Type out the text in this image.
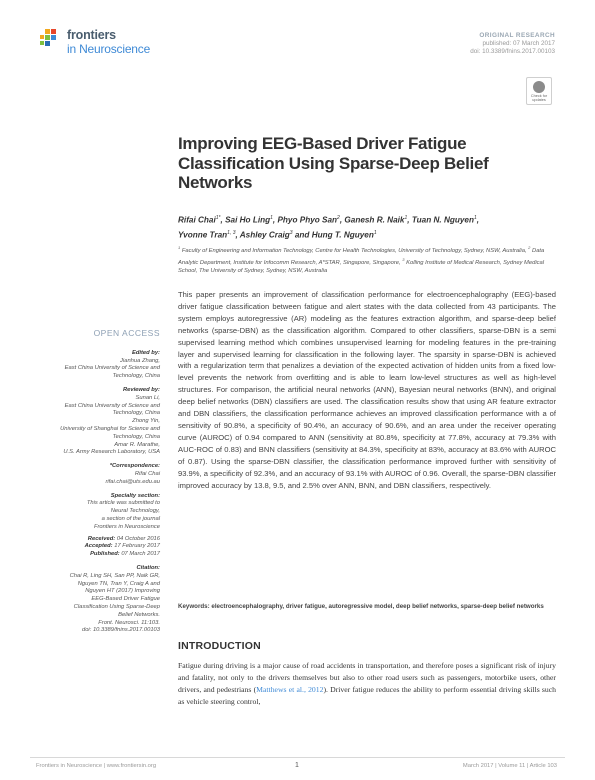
frontiers
in Neuroscience
ORIGINAL RESEARCH
published: 07 March 2017
doi: 10.3389/fnins.2017.00103
Check for
updates
Improving EEG-Based Driver Fatigue Classification Using Sparse-Deep Belief Networks
Rifai Chai$^{1*}$, Sai Ho Ling$^1$, Phyo Phyo San$^2$, Ganesh R. Naik$^1$, Tuan N. Nguyen$^1$,
Yvonne Tran$^{1, 3}$, Ashley Craig$^3$ and Hung T. Nguyen$^1$
$^1$ Faculty of Engineering and Information Technology, Centre for Health Technologies, University of Technology, Sydney, NSW, Australia, $^2$ Data Analytic Department, Institute for Infocomm Research, A*STAR, Singapore, Singapore, $^3$ Kolling Institute of Medical Research, Sydney Medical School, The University of Sydney, Sydney, NSW, Australia

This paper presents an improvement of classification performance for electroencephalography (EEG)-based driver fatigue classification between fatigue and alert states with the data collected from 43 participants. The system employs autoregressive (AR) modeling as the features extraction algorithm, and sparse-deep belief networks (sparse-DBN) as the classification algorithm. Compared to other classifiers, sparse-DBN is a semi supervised learning method which combines unsupervised learning for modeling features in the pre-training layer and supervised learning for classification in the following layer. The sparsity in sparse-DBN is achieved with a regularization term that penalizes a deviation of the expected activation of hidden units from a fixed low-level prevents the network from overfitting and is able to learn low-level structures as well as high-level structures. For comparison, the artificial neural networks (ANN), Bayesian neural networks (BNN), and original deep belief networks (DBN) classifiers are used. The classification results show that using AR feature extractor and DBN classifiers, the classification performance achieves an improved classification performance with a of sensitivity of 90.8%, a specificity of 90.4%, an accuracy of 90.6%, and an area under the receiver operating curve (AUROC) of 0.94 compared to ANN (sensitivity at 80.8%, specificity at 77.8%, accuracy at 79.3% with AUC-ROC of 0.83) and BNN classifiers (sensitivity at 84.3%, specificity at 83%, accuracy at 83.6% with AUROC of 0.87). Using the sparse-DBN classifier, the classification performance improved further with sensitivity of 93.9%, a specificity of 92.3%, and an accuracy of 93.1% with AUROC of 0.96. Overall, the sparse-DBN classifier improved accuracy by 13.8, 9.5, and 2.5% over ANN, BNN, and DBN classifiers, respectively.

Keywords: electroencephalography, driver fatigue, autoregressive model, deep belief networks, sparse-deep belief networks
INTRODUCTION

Fatigue during driving is a major cause of road accidents in transportation, and therefore poses a significant risk of injury and fatality, not only to the drivers themselves but also to other road users such as passengers, motorbike users, other drivers, and pedestrians (Matthews et al., 2012). Driver fatigue reduces the ability to perform essential driving skills such as vehicle steering control,

OPEN ACCESS
Edited by:
Jianhua Zhang,
East China University of Science and
Technology, China
Reviewed by:
Sunan Li,
East China University of Science and
Technology, China
Zhong Yin,
University of Shanghai for Science and
Technology, China
Amar R. Marathe,
U.S. Army Research Laboratory, USA
*Correspondence:
Rifai Chai
rifai.chai@uts.edu.au
Specialty section:
This article was submitted to
Neural Technology,
a section of the journal
Frontiers in Neuroscience
Received: 04 October 2016
Accepted: 17 February 2017
Published: 07 March 2017
Citation:
Chai R, Ling SH, San PP, Naik GR,
Nguyen TN, Tran Y, Craig A and
Nguyen HT (2017) Improving
EEG-Based Driver Fatigue
Classification Using Sparse-Deep
Belief Networks.
Front. Neurosci. 11:103.
doi: 10.3389/fnins.2017.00103
Frontiers in Neuroscience | www.frontiersin.org	1	March 2017 | Volume 11 | Article 103
